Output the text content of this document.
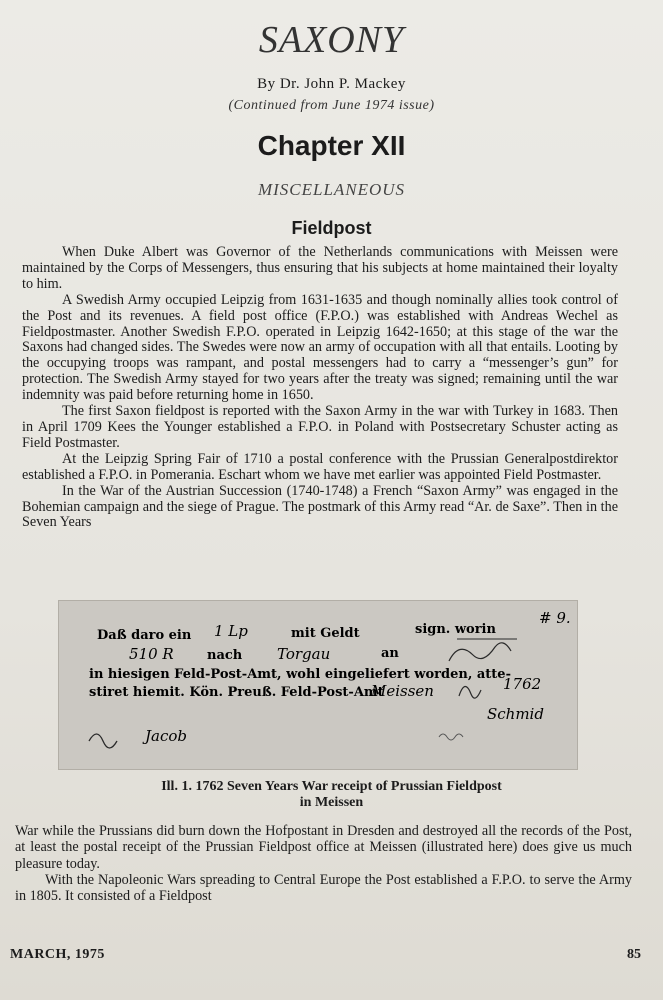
SAXONY
By Dr. John P. Mackey
(Continued from June 1974 issue)
Chapter XII
MISCELLANEOUS
Fieldpost

When Duke Albert was Governor of the Netherlands communications with Meissen were maintained by the Corps of Messengers, thus ensuring that his subjects at home maintained their loyalty to him.

A Swedish Army occupied Leipzig from 1631-1635 and though nominally allies took control of the Post and its revenues. A field post office (F.P.O.) was established with Andreas Wechel as Fieldpostmaster. Another Swedish F.P.O. operated in Leipzig 1642-1650; at this stage of the war the Saxons had changed sides. The Swedes were now an army of occupation with all that entails. Looting by the occupying troops was rampant, and postal messengers had to carry a “messenger’s gun” for protection. The Swedish Army stayed for two years after the treaty was signed; remaining until the war indemnity was paid before returning home in 1650.

The first Saxon fieldpost is reported with the Saxon Army in the war with Turkey in 1683. Then in April 1709 Kees the Younger established a F.P.O. in Poland with Postsecretary Schuster acting as Field Postmaster.

At the Leipzig Spring Fair of 1710 a postal conference with the Prussian Generalpostdirektor established a F.P.O. in Pomerania. Eschart whom we have met earlier was appointed Field Postmaster.

In the War of the Austrian Succession (1740-1748) a French “Saxon Army” was engaged in the Bohemian campaign and the siege of Prague. The postmark of this Army read “Ar. de Saxe”. Then in the Seven Years

Daß daro ein	mit Geldt	sign. worin
nach	an
in hiesigen Feld-Post-Amt, wohl eingeliefert worden, atte-
stiret hiemit. Kön. Preuß. Feld-Post-Amt
1 Lp
Torgau
510 R
Meissen
Schmid
1762
Jacob
# 9.
Ill. 1. 1762 Seven Years War receipt of Prussian Fieldpost
in Meissen

War while the Prussians did burn down the Hofpostant in Dresden and destroyed all the records of the Post, at least the postal receipt of the Prussian Fieldpost office at Meissen (illustrated here) does give us much pleasure today.

With the Napoleonic Wars spreading to Central Europe the Post established a F.P.O. to serve the Army in 1805. It consisted of a Fieldpost

MARCH, 1975	85
